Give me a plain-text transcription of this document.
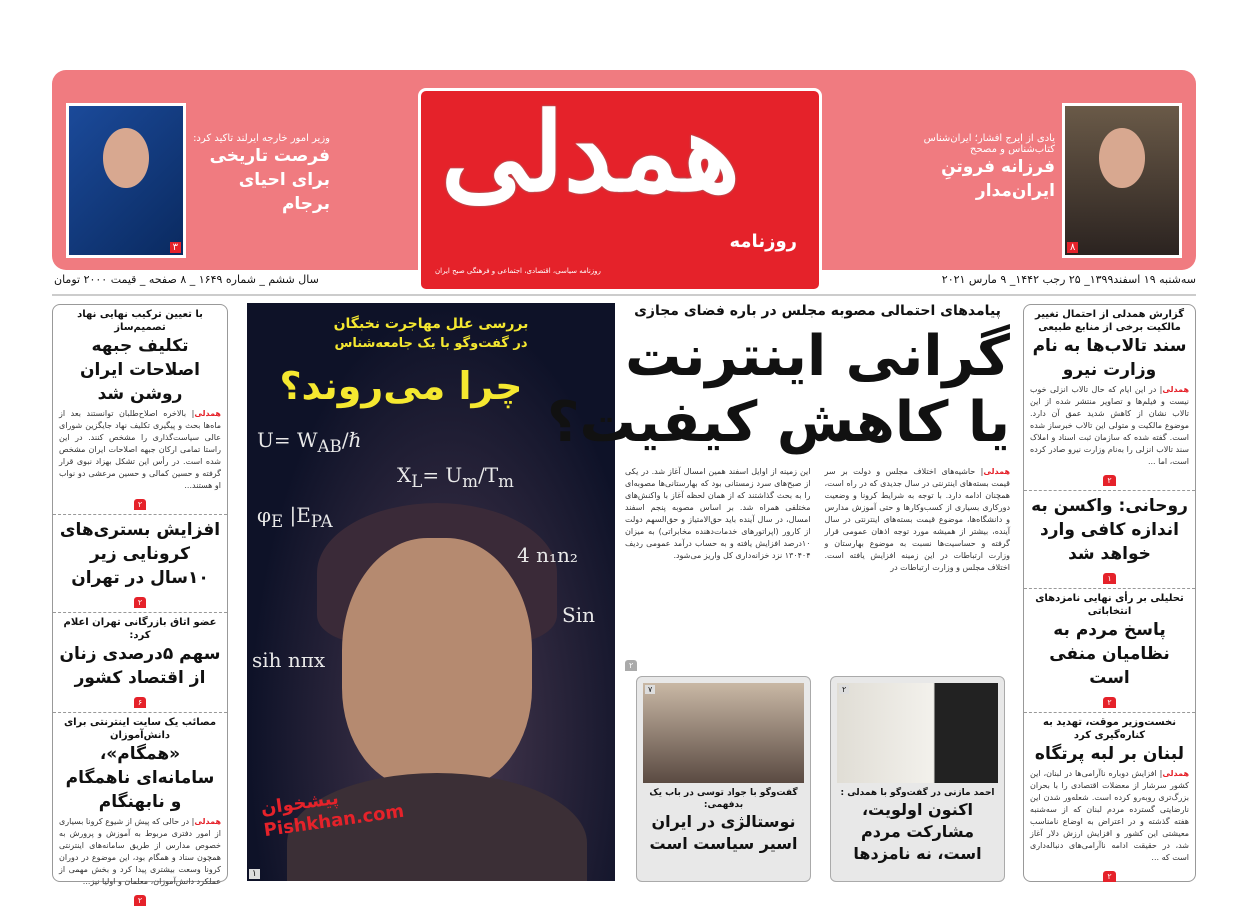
۳
وزیر امور خارجه ایرلند تاکید کرد:
فرصت تاریخی برای احیای برجام
۸
یادی از ایرج افشار؛ ایران‌شناس کتاب‌شناس و مصحح
فرزانه فروتنِ ایران‌مدار
همدلی
روزنامه
روزنامه سیاسی، اقتصادی، اجتماعی و فرهنگی صبح ایران
سه‌شنبه ۱۹ اسفند۱۳۹۹_ ۲۵ رجب ۱۴۴۲_ ۹ مارس ۲۰۲۱
سال ششم _ شماره ۱۶۴۹ _ ۸ صفحه _ قیمت ۲۰۰۰ تومان
گزارش همدلی از احتمال تغییر مالکیت برخی از منابع طبیعی
سند تالاب‌ها به نام وزارت نیرو
همدلی| در این ایام که حال تالاب انزلی خوب نیست و فیلم‌ها و تصاویر منتشر شده از این تالاب نشان از کاهش شدید عمق آن دارد. موضوع مالکیت و متولی این تالاب خبرساز شده است. گفته شده که سازمان ثبت اسناد و املاک سند تالاب انزلی را به‌نام وزارت نیرو صادر کرده است، اما ...
۲
روحانی: واکسن به اندازه کافی وارد خواهد شد
۱
تحلیلی بر رأی نهایی نامزدهای انتخاباتی
پاسخ مردم به نظامیان منفی است
۲
نخست‌وزیر موقت، تهدید به کناره‌گیری کرد
لبنان بر لبه پرتگاه
همدلی| افزایش دوباره ناآرامی‌ها در لبنان، این کشور سرشار از معضلات اقتصادی را با بحران بزرگ‌تری روبه‌رو کرده است. شعله‌ور شدن این نارضایتی گسترده مردم لبنان که از سه‌شنبه هفته گذشته و در اعتراض به اوضاع نامناسب معیشتی این کشور و افزایش ارزش دلار آغاز شد، در حقیقت ادامه ناآرامی‌های دنباله‌داری است که ...
۲
با تعیین ترکیب نهایی نهاد تصمیم‌ساز
تکلیف جبهه اصلاحات ایران روشن شد
همدلی| بالاخره اصلاح‌طلبان توانستند بعد از ماه‌ها بحث و پیگیری تکلیف نهاد جایگزین شورای عالی سیاست‌گذاری را مشخص کنند. در این راستا تمامی ارکان جبهه اصلاحات ایران مشخص شده است. در رأس این تشکل بهزاد نبوی قرار گرفته و حسین کمالی و حسین مرعشی دو نواب او هستند...
۲
افزایش بستری‌های کرونایی زیر ۱۰سال در تهران
۲
عضو اتاق بازرگانی تهران اعلام کرد:
سهم ۵درصدی زنان از اقتصاد کشور
۶
مصائب یک سایت اینترنتی برای دانش‌آموزان
«همگام»، سامانه‌ای ناهمگام و نابهنگام
همدلی| در حالی که پیش از شیوع کرونا بسیاری از امور دفتری مربوط به آموزش و پرورش به خصوص مدارس از طریق سامانه‌های اینترنتی همچون سناد و همگام بود، این موضوع در دوران کرونا وسعت بیشتری پیدا کرد و بخش مهمی از عملکرد دانش‌آموزان، معلمان و اولیا نیز...
۲
$U= W_{AB}/\hbar$
$X_L= U_m/T_m$
$\varphi_E$ $|E_{PA}$
4 n₁n₂
Sin
sih nπx
بررسی علل مهاجرت نخبگان
در گفت‌وگو با یک جامعه‌شناس
چرا می‌روند؟
۱
پیشخوان Pishkhan.com
پیامدهای احتمالی مصوبه مجلس در باره فضای مجازی
گرانی اینترنت
یا کاهش کیفیت؟
همدلی| حاشیه‌های اختلاف مجلس و دولت بر سر قیمت بسته‌های اینترنتی در سال جدیدی که در راه است، همچنان ادامه دارد. با توجه به شرایط کرونا و وضعیت دورکاری بسیاری از کسب‌وکارها و حتی آموزش مدارس و دانشگاه‌ها، موضوع قیمت بسته‌های اینترنتی در سال آینده، بیشتر از همیشه مورد توجه اذهان عمومی قرار گرفته و حساسیت‌ها نسبت به موضوع بهارستان و وزارت ارتباطات در این زمینه افزایش یافته است. اختلاف مجلس و وزارت ارتباطات در
این زمینه از اوایل اسفند همین امسال آغاز شد. در یکی از صبح‌های سرد زمستانی بود که بهارستانی‌ها مصوبه‌ای را به بحث گذاشتند که از همان لحظه آغاز با واکنش‌های مختلفی همراه شد. بر اساس مصوبه پنجم اسفند امسال، در سال آینده باید حق‌الامتیاز و حق‌السهم دولت از کارور (اپراتورهای خدمات‌دهنده مخابراتی) به میزان ۱۰درصد افزایش یافته و به حساب درآمد عمومی ردیف ۱۳۰۴۰۴ نزد خزانه‌داری کل واریز می‌شود.
۲
احمد مازنی در گفت‌وگو با همدلی :
اکنون اولویت، مشارکت مردم است، نه نامزدها
۲
گفت‌وگو با جواد توسی در باب یک بدفهمی:
نوستالژی در ایران اسیر سیاست است
۷
